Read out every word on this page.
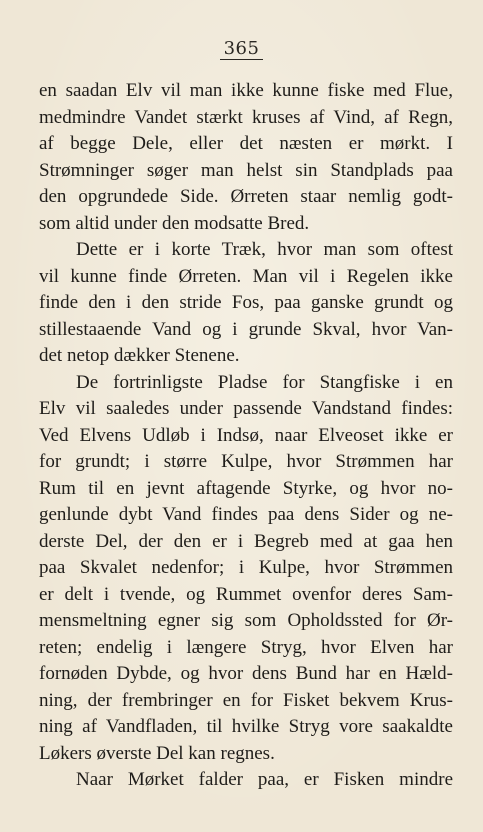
365
en saadan Elv vil man ikke kunne fiske med Flue,
medmindre Vandet stærkt kruses af Vind, af Regn,
af begge Dele, eller det næsten er mørkt. I
Strømninger søger man helst sin Standplads paa
den opgrundede Side. Ørreten staar nemlig godt-
som altid under den modsatte Bred.
Dette er i korte Træk, hvor man som oftest
vil kunne finde Ørreten. Man vil i Regelen ikke
finde den i den stride Fos, paa ganske grundt og
stillestaaende Vand og i grunde Skval, hvor Van-
det netop dækker Stenene.
De fortrinligste Pladse for Stangfiske i en
Elv vil saaledes under passende Vandstand findes:
Ved Elvens Udløb i Indsø, naar Elveoset ikke er
for grundt; i større Kulpe, hvor Strømmen har
Rum til en jevnt aftagende Styrke, og hvor no-
genlunde dybt Vand findes paa dens Sider og ne-
derste Del, der den er i Begreb med at gaa hen
paa Skvalet nedenfor; i Kulpe, hvor Strømmen
er delt i tvende, og Rummet ovenfor deres Sam-
mensmeltning egner sig som Opholdssted for Ør-
reten; endelig i længere Stryg, hvor Elven har
fornøden Dybde, og hvor dens Bund har en Hæld-
ning, der frembringer en for Fisket bekvem Krus-
ning af Vandfladen, til hvilke Stryg vore saakaldte
Løkers øverste Del kan regnes.
Naar Mørket falder paa, er Fisken mindre
